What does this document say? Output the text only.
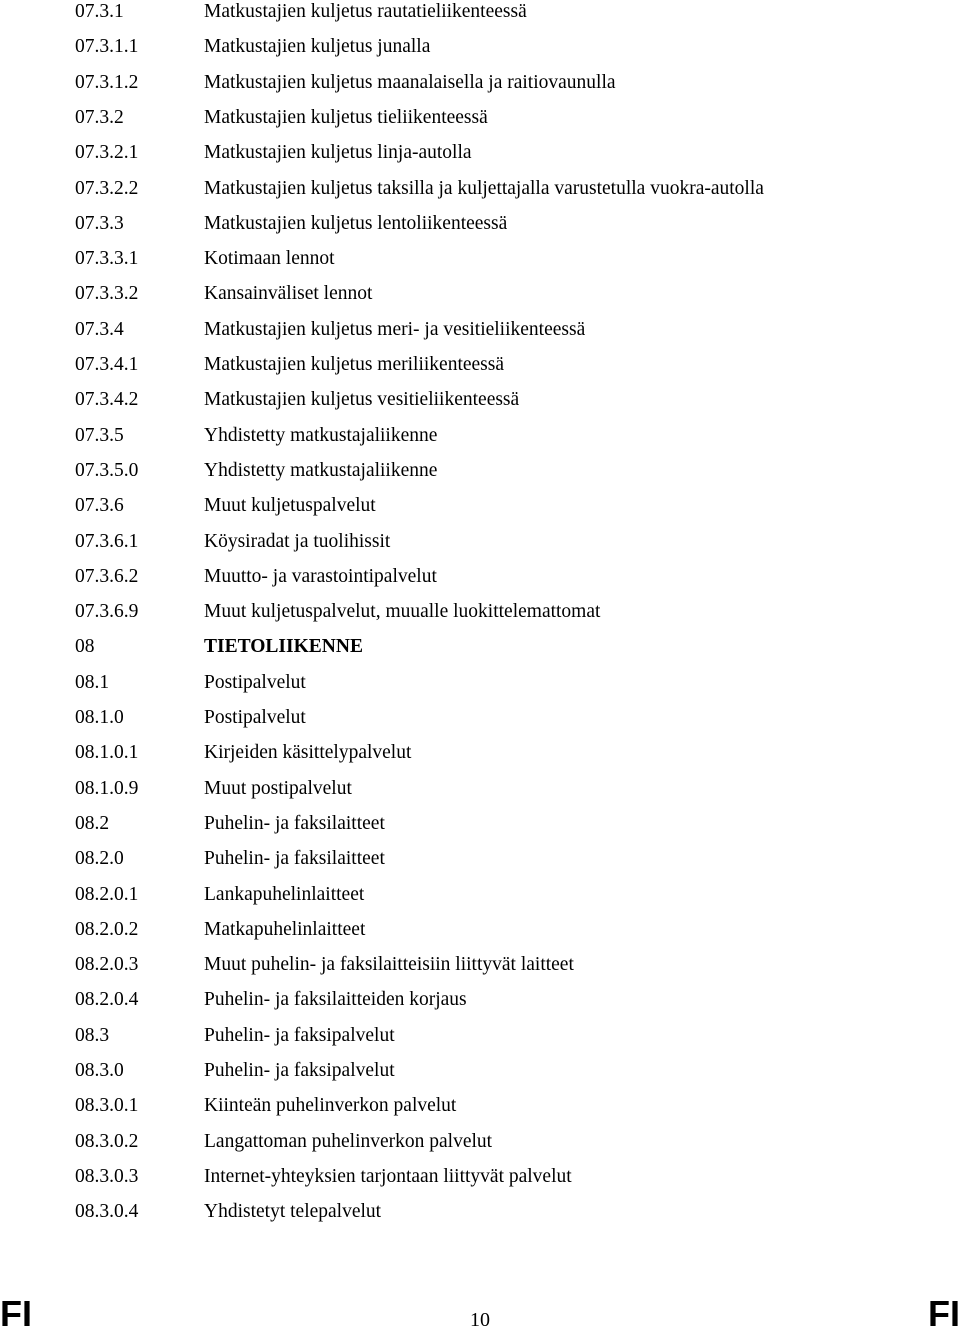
07.3.1	Matkustajien kuljetus rautatieliikenteessä
07.3.1.1	Matkustajien kuljetus junalla
07.3.1.2	Matkustajien kuljetus maanalaisella ja raitiovaunulla
07.3.2	Matkustajien kuljetus tieliikenteessä
07.3.2.1	Matkustajien kuljetus linja-autolla
07.3.2.2	Matkustajien kuljetus taksilla ja kuljettajalla varustetulla vuokra-autolla
07.3.3	Matkustajien kuljetus lentoliikenteessä
07.3.3.1	Kotimaan lennot
07.3.3.2	Kansainväliset lennot
07.3.4	Matkustajien kuljetus meri- ja vesitieliikenteessä
07.3.4.1	Matkustajien kuljetus meriliikenteessä
07.3.4.2	Matkustajien kuljetus vesitieliikenteessä
07.3.5	Yhdistetty matkustajaliikenne
07.3.5.0	Yhdistetty matkustajaliikenne
07.3.6	Muut kuljetuspalvelut
07.3.6.1	Köysiradat ja tuolihissit
07.3.6.2	Muutto- ja varastointipalvelut
07.3.6.9	Muut kuljetuspalvelut, muualle luokittelemattomat
08	TIETOLIIKENNE
08.1	Postipalvelut
08.1.0	Postipalvelut
08.1.0.1	Kirjeiden käsittelypalvelut
08.1.0.9	Muut postipalvelut
08.2	Puhelin- ja faksilaitteet
08.2.0	Puhelin- ja faksilaitteet
08.2.0.1	Lankapuhelinlaitteet
08.2.0.2	Matkapuhelinlaitteet
08.2.0.3	Muut puhelin- ja faksilaitteisiin liittyvät laitteet
08.2.0.4	Puhelin- ja faksilaitteiden korjaus
08.3	Puhelin- ja faksipalvelut
08.3.0	Puhelin- ja faksipalvelut
08.3.0.1	Kiinteän puhelinverkon palvelut
08.3.0.2	Langattoman puhelinverkon palvelut
08.3.0.3	Internet-yhteyksien tarjontaan liittyvät palvelut
08.3.0.4	Yhdistetyt telepalvelut
FI	10	FI
